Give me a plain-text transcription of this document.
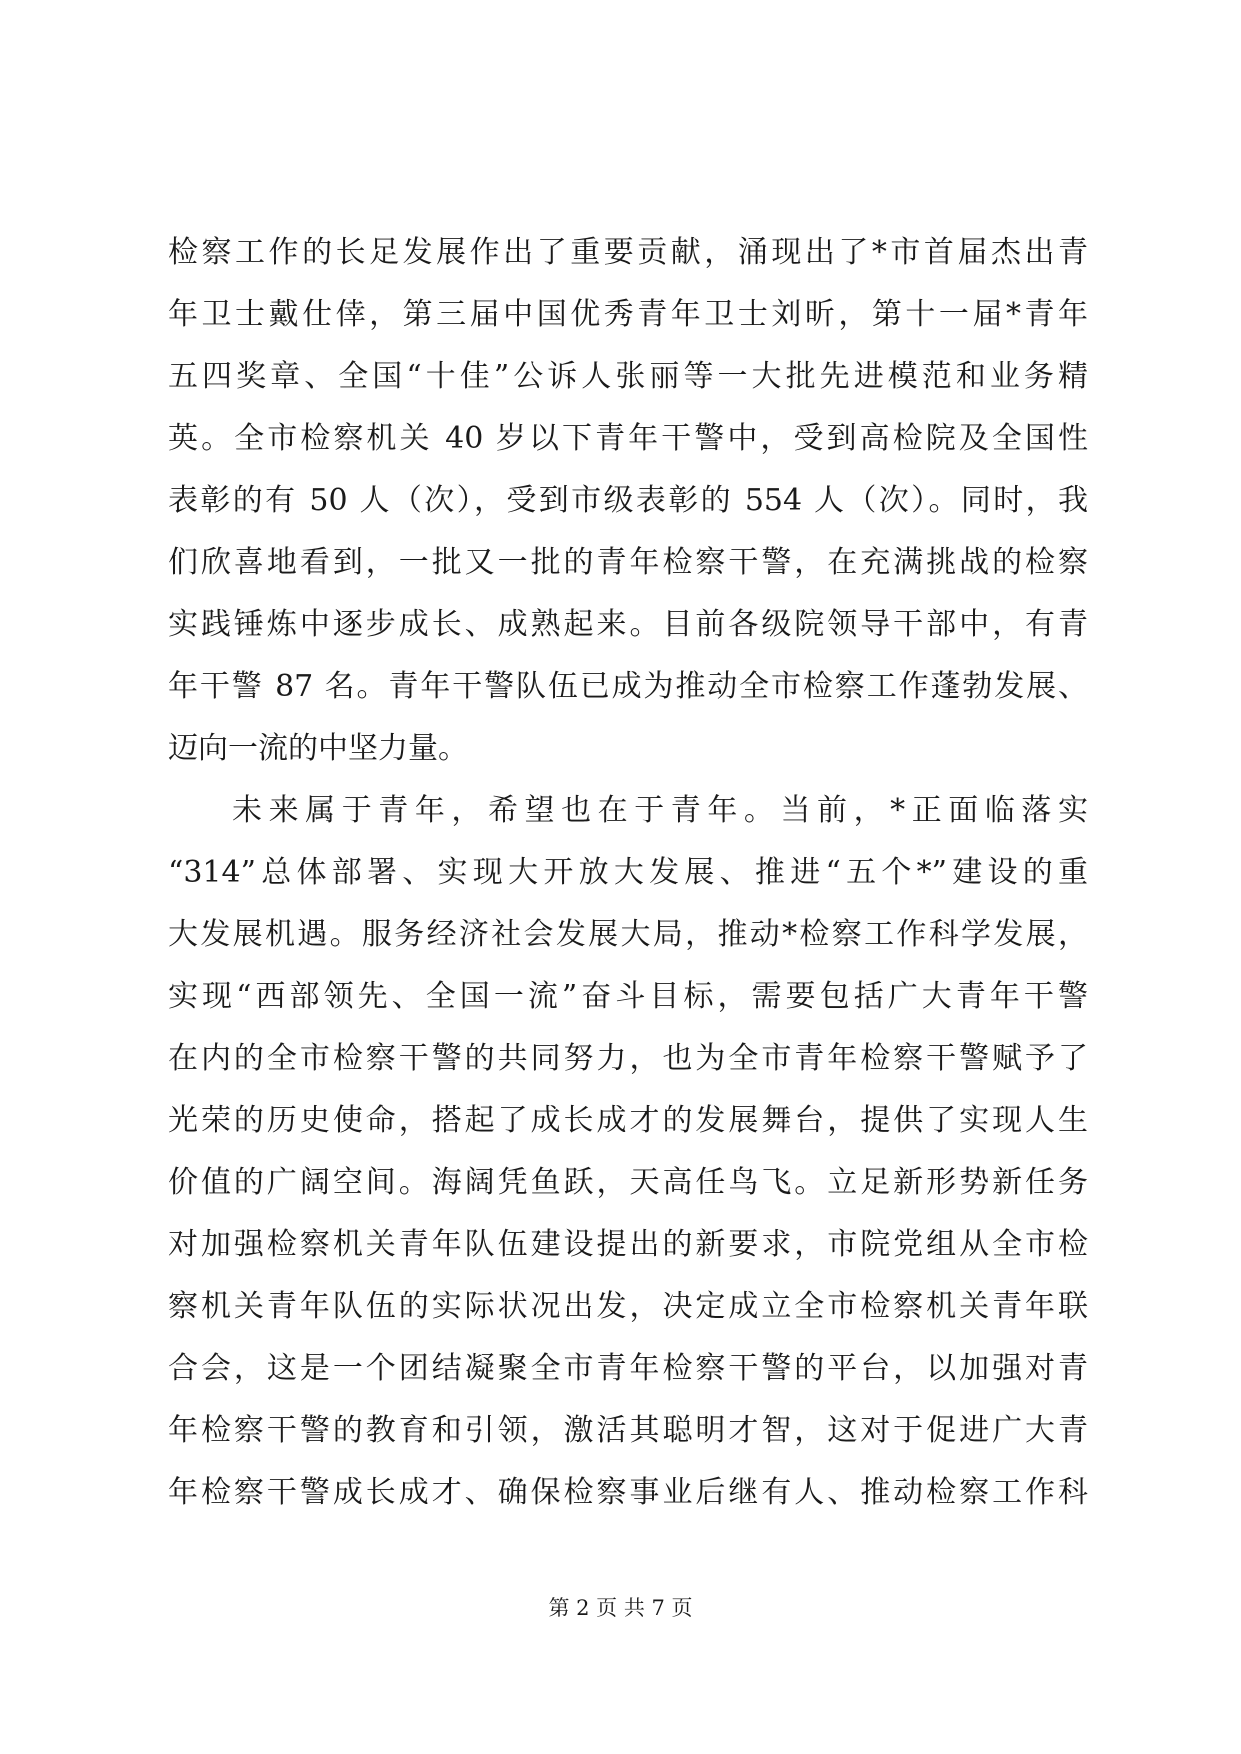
检察工作的长足发展作出了重要贡献，涌现出了*市首届杰出青
年卫士戴仕倖，第三届中国优秀青年卫士刘昕，第十一届*青年
五四奖章、全国“十佳”公诉人张丽等一大批先进模范和业务精
英。全市检察机关 40 岁以下青年干警中，受到高检院及全国性
表彰的有 50 人（次），受到市级表彰的 554 人（次）。同时，我
们欣喜地看到，一批又一批的青年检察干警，在充满挑战的检察
实践锤炼中逐步成长、成熟起来。目前各级院领导干部中，有青
年干警 87 名。青年干警队伍已成为推动全市检察工作蓬勃发展、
迈向一流的中坚力量。
未来属于青年，希望也在于青年。当前，*正面临落实
“314”总体部署、实现大开放大发展、推进“五个*”建设的重
大发展机遇。服务经济社会发展大局，推动*检察工作科学发展，
实现“西部领先、全国一流”奋斗目标，需要包括广大青年干警
在内的全市检察干警的共同努力，也为全市青年检察干警赋予了
光荣的历史使命，搭起了成长成才的发展舞台，提供了实现人生
价值的广阔空间。海阔凭鱼跃，天高任鸟飞。立足新形势新任务
对加强检察机关青年队伍建设提出的新要求，市院党组从全市检
察机关青年队伍的实际状况出发，决定成立全市检察机关青年联
合会，这是一个团结凝聚全市青年检察干警的平台，以加强对青
年检察干警的教育和引领，激活其聪明才智，这对于促进广大青
年检察干警成长成才、确保检察事业后继有人、推动检察工作科
第 2 页 共 7 页
